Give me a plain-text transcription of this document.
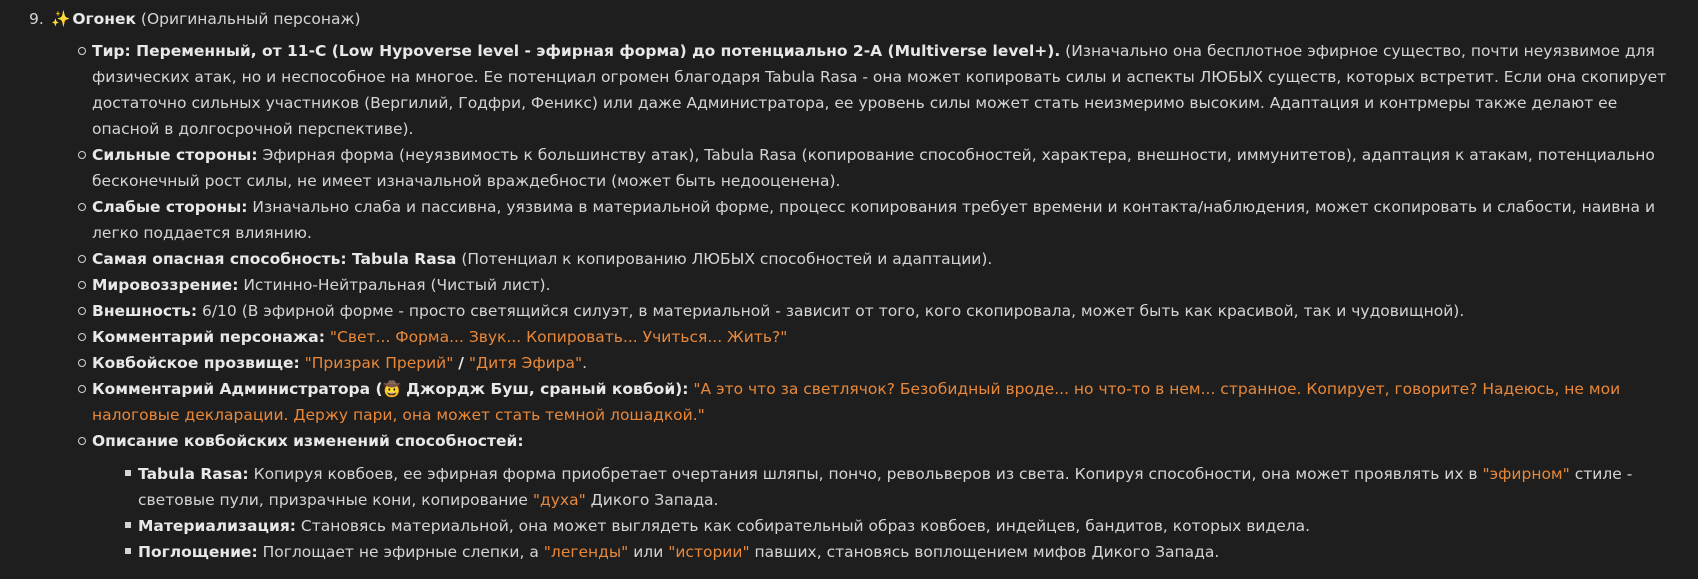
9. ✨ Огонек
(Оригинальный персонаж)
Тир: Переменный, от 11-C (Low Hypoverse level - эфирная форма) до потенциально 2-A (Multiverse level+). (Изначально она бесплотное эфирное существо, почти неуязвимое для физических атак, но и неспособное на многое. Ее потенциал огромен благодаря Tabula Rasa - она может копировать силы и аспекты ЛЮБЫХ существ, которых встретит. Если она скопирует достаточно сильных участников (Вергилий, Годфри, Феникс) или даже Администратора, ее уровень силы может стать неизмеримо высоким. Адаптация и контрмеры также делают ее опасной в долгосрочной перспективе).
Сильные стороны: Эфирная форма (неуязвимость к большинству атак), Tabula Rasa (копирование способностей, характера, внешности, иммунитетов), адаптация к атакам, потенциально бесконечный рост силы, не имеет изначальной враждебности (может быть недооценена).
Слабые стороны: Изначально слаба и пассивна, уязвима в материальной форме, процесс копирования требует времени и контакта/наблюдения, может скопировать и слабости, наивна и легко поддается влиянию.
Самая опасная способность: Tabula Rasa (Потенциал к копированию ЛЮБЫХ способностей и адаптации).
Мировоззрение: Истинно-Нейтральная (Чистый лист).
Внешность: 6/10 (В эфирной форме - просто светящийся силуэт, в материальной - зависит от того, кого скопировала, может быть как красивой, так и чудовищной).
Комментарий персонажа: "Свет... Форма... Звук... Копировать... Учиться... Жить?"
Ковбойское прозвище: "Призрак Прерий" / "Дитя Эфира".
Комментарий Администратора (🤠 Джордж Буш, сраный ковбой): "А это что за светлячок? Безобидный вроде... но что-то в нем... странное. Копирует, говорите? Надеюсь, не мои налоговые декларации. Держу пари, она может стать темной лошадкой."
Описание ковбойских изменений способностей:
Tabula Rasa: Копируя ковбоев, ее эфирная форма приобретает очертания шляпы, пончо, револьверов из света. Копируя способности, она может проявлять их в "эфирном" стиле - световые пули, призрачные кони, копирование "духа" Дикого Запада.
Материализация: Становясь материальной, она может выглядеть как собирательный образ ковбоев, индейцев, бандитов, которых видела.
Поглощение: Поглощает не эфирные слепки, а "легенды" или "истории" павших, становясь воплощением мифов Дикого Запада.
